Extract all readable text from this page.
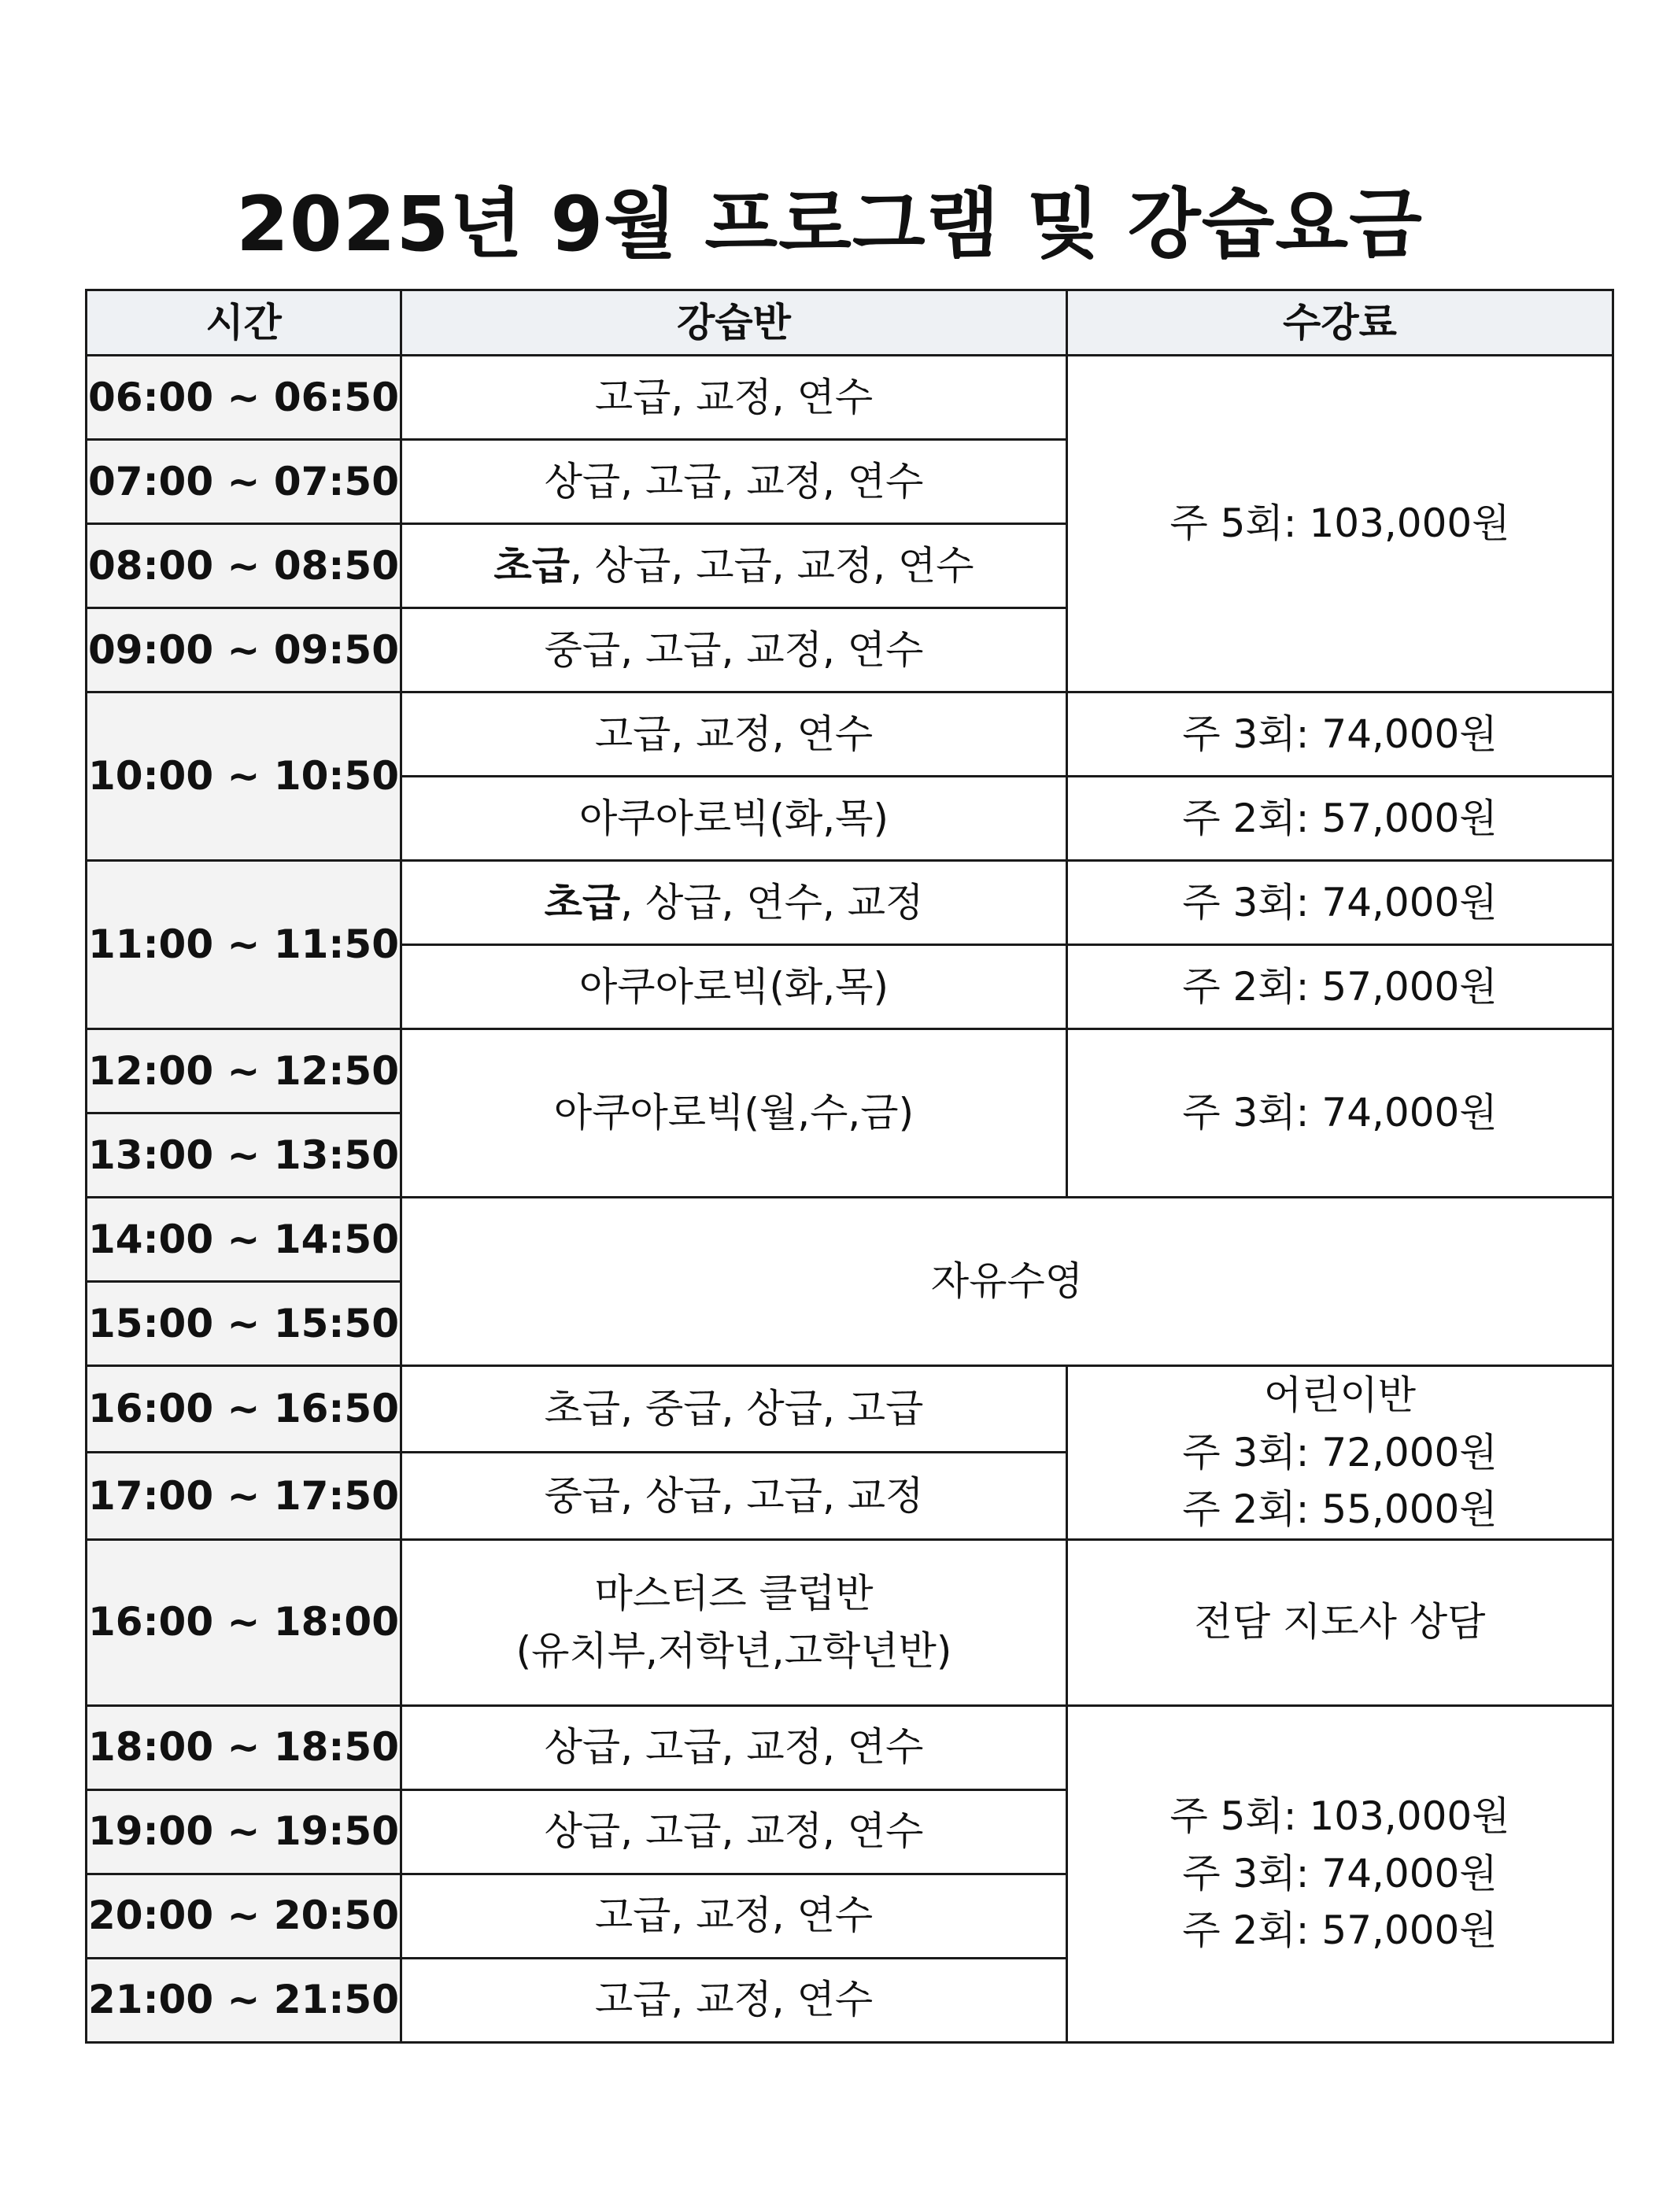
2025년 9월 프로그램 및 강습요금
시간	강습반	수강료
06:00 ~ 06:50	고급, 교정, 연수	주 5회: 103,000원
07:00 ~ 07:50	상급, 고급, 교정, 연수	
08:00 ~ 08:50	초급, 상급, 고급, 교정, 연수	
09:00 ~ 09:50	중급, 고급, 교정, 연수	
10:00 ~ 10:50	고급, 교정, 연수	주 3회: 74,000원
	아쿠아로빅(화,목)	주 2회: 57,000원
11:00 ~ 11:50	초급, 상급, 연수, 교정	주 3회: 74,000원
	아쿠아로빅(화,목)	주 2회: 57,000원
12:00 ~ 12:50	아쿠아로빅(월,수,금)	주 3회: 74,000원
13:00 ~ 13:50		
14:00 ~ 14:50	자유수영	
15:00 ~ 15:50		
16:00 ~ 16:50	초급, 중급, 상급, 고급	어린이반
주 3회: 72,000원
주 2회: 55,000원

17:00 ~ 17:50	중급, 상급, 고급, 교정	
16:00 ~ 18:00	마스터즈 클럽반
(유치부,저학년,고학년반)	전담 지도사 상담
18:00 ~ 18:50	상급, 고급, 교정, 연수	주 5회: 103,000원
주 3회: 74,000원
주 2회: 57,000원

19:00 ~ 19:50	상급, 고급, 교정, 연수	
20:00 ~ 20:50	고급, 교정, 연수	
21:00 ~ 21:50	고급, 교정, 연수	
